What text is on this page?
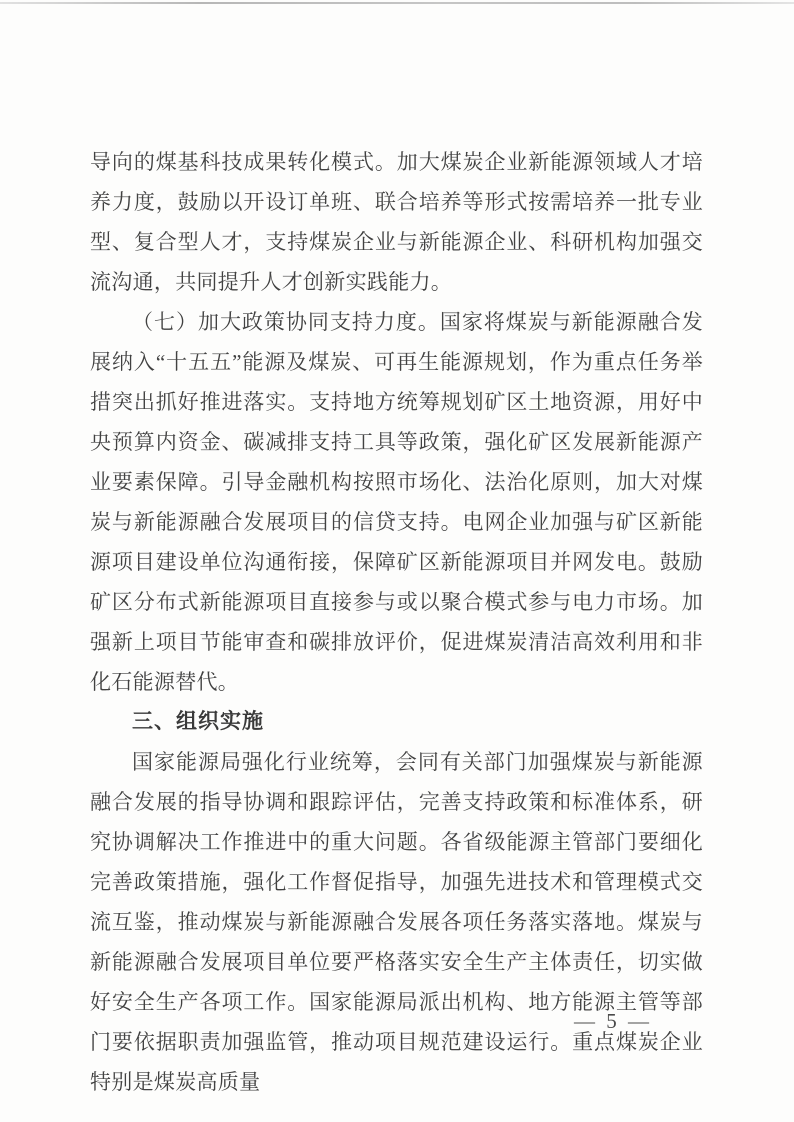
导向的煤基科技成果转化模式。加大煤炭企业新能源领域人才培养力度，鼓励以开设订单班、联合培养等形式按需培养一批专业型、复合型人才，支持煤炭企业与新能源企业、科研机构加强交流沟通，共同提升人才创新实践能力。

（七）加大政策协同支持力度。国家将煤炭与新能源融合发展纳入“十五五”能源及煤炭、可再生能源规划，作为重点任务举措突出抓好推进落实。支持地方统筹规划矿区土地资源，用好中央预算内资金、碳减排支持工具等政策，强化矿区发展新能源产业要素保障。引导金融机构按照市场化、法治化原则，加大对煤炭与新能源融合发展项目的信贷支持。电网企业加强与矿区新能源项目建设单位沟通衔接，保障矿区新能源项目并网发电。鼓励矿区分布式新能源项目直接参与或以聚合模式参与电力市场。加强新上项目节能审查和碳排放评价，促进煤炭清洁高效利用和非化石能源替代。

三、组织实施

国家能源局强化行业统筹，会同有关部门加强煤炭与新能源融合发展的指导协调和跟踪评估，完善支持政策和标准体系，研究协调解决工作推进中的重大问题。各省级能源主管部门要细化完善政策措施，强化工作督促指导，加强先进技术和管理模式交流互鉴，推动煤炭与新能源融合发展各项任务落实落地。煤炭与新能源融合发展项目单位要严格落实安全生产主体责任，切实做好安全生产各项工作。国家能源局派出机构、地方能源主管等部门要依据职责加强监管，推动项目规范建设运行。重点煤炭企业特别是煤炭高质量

— 5 —
